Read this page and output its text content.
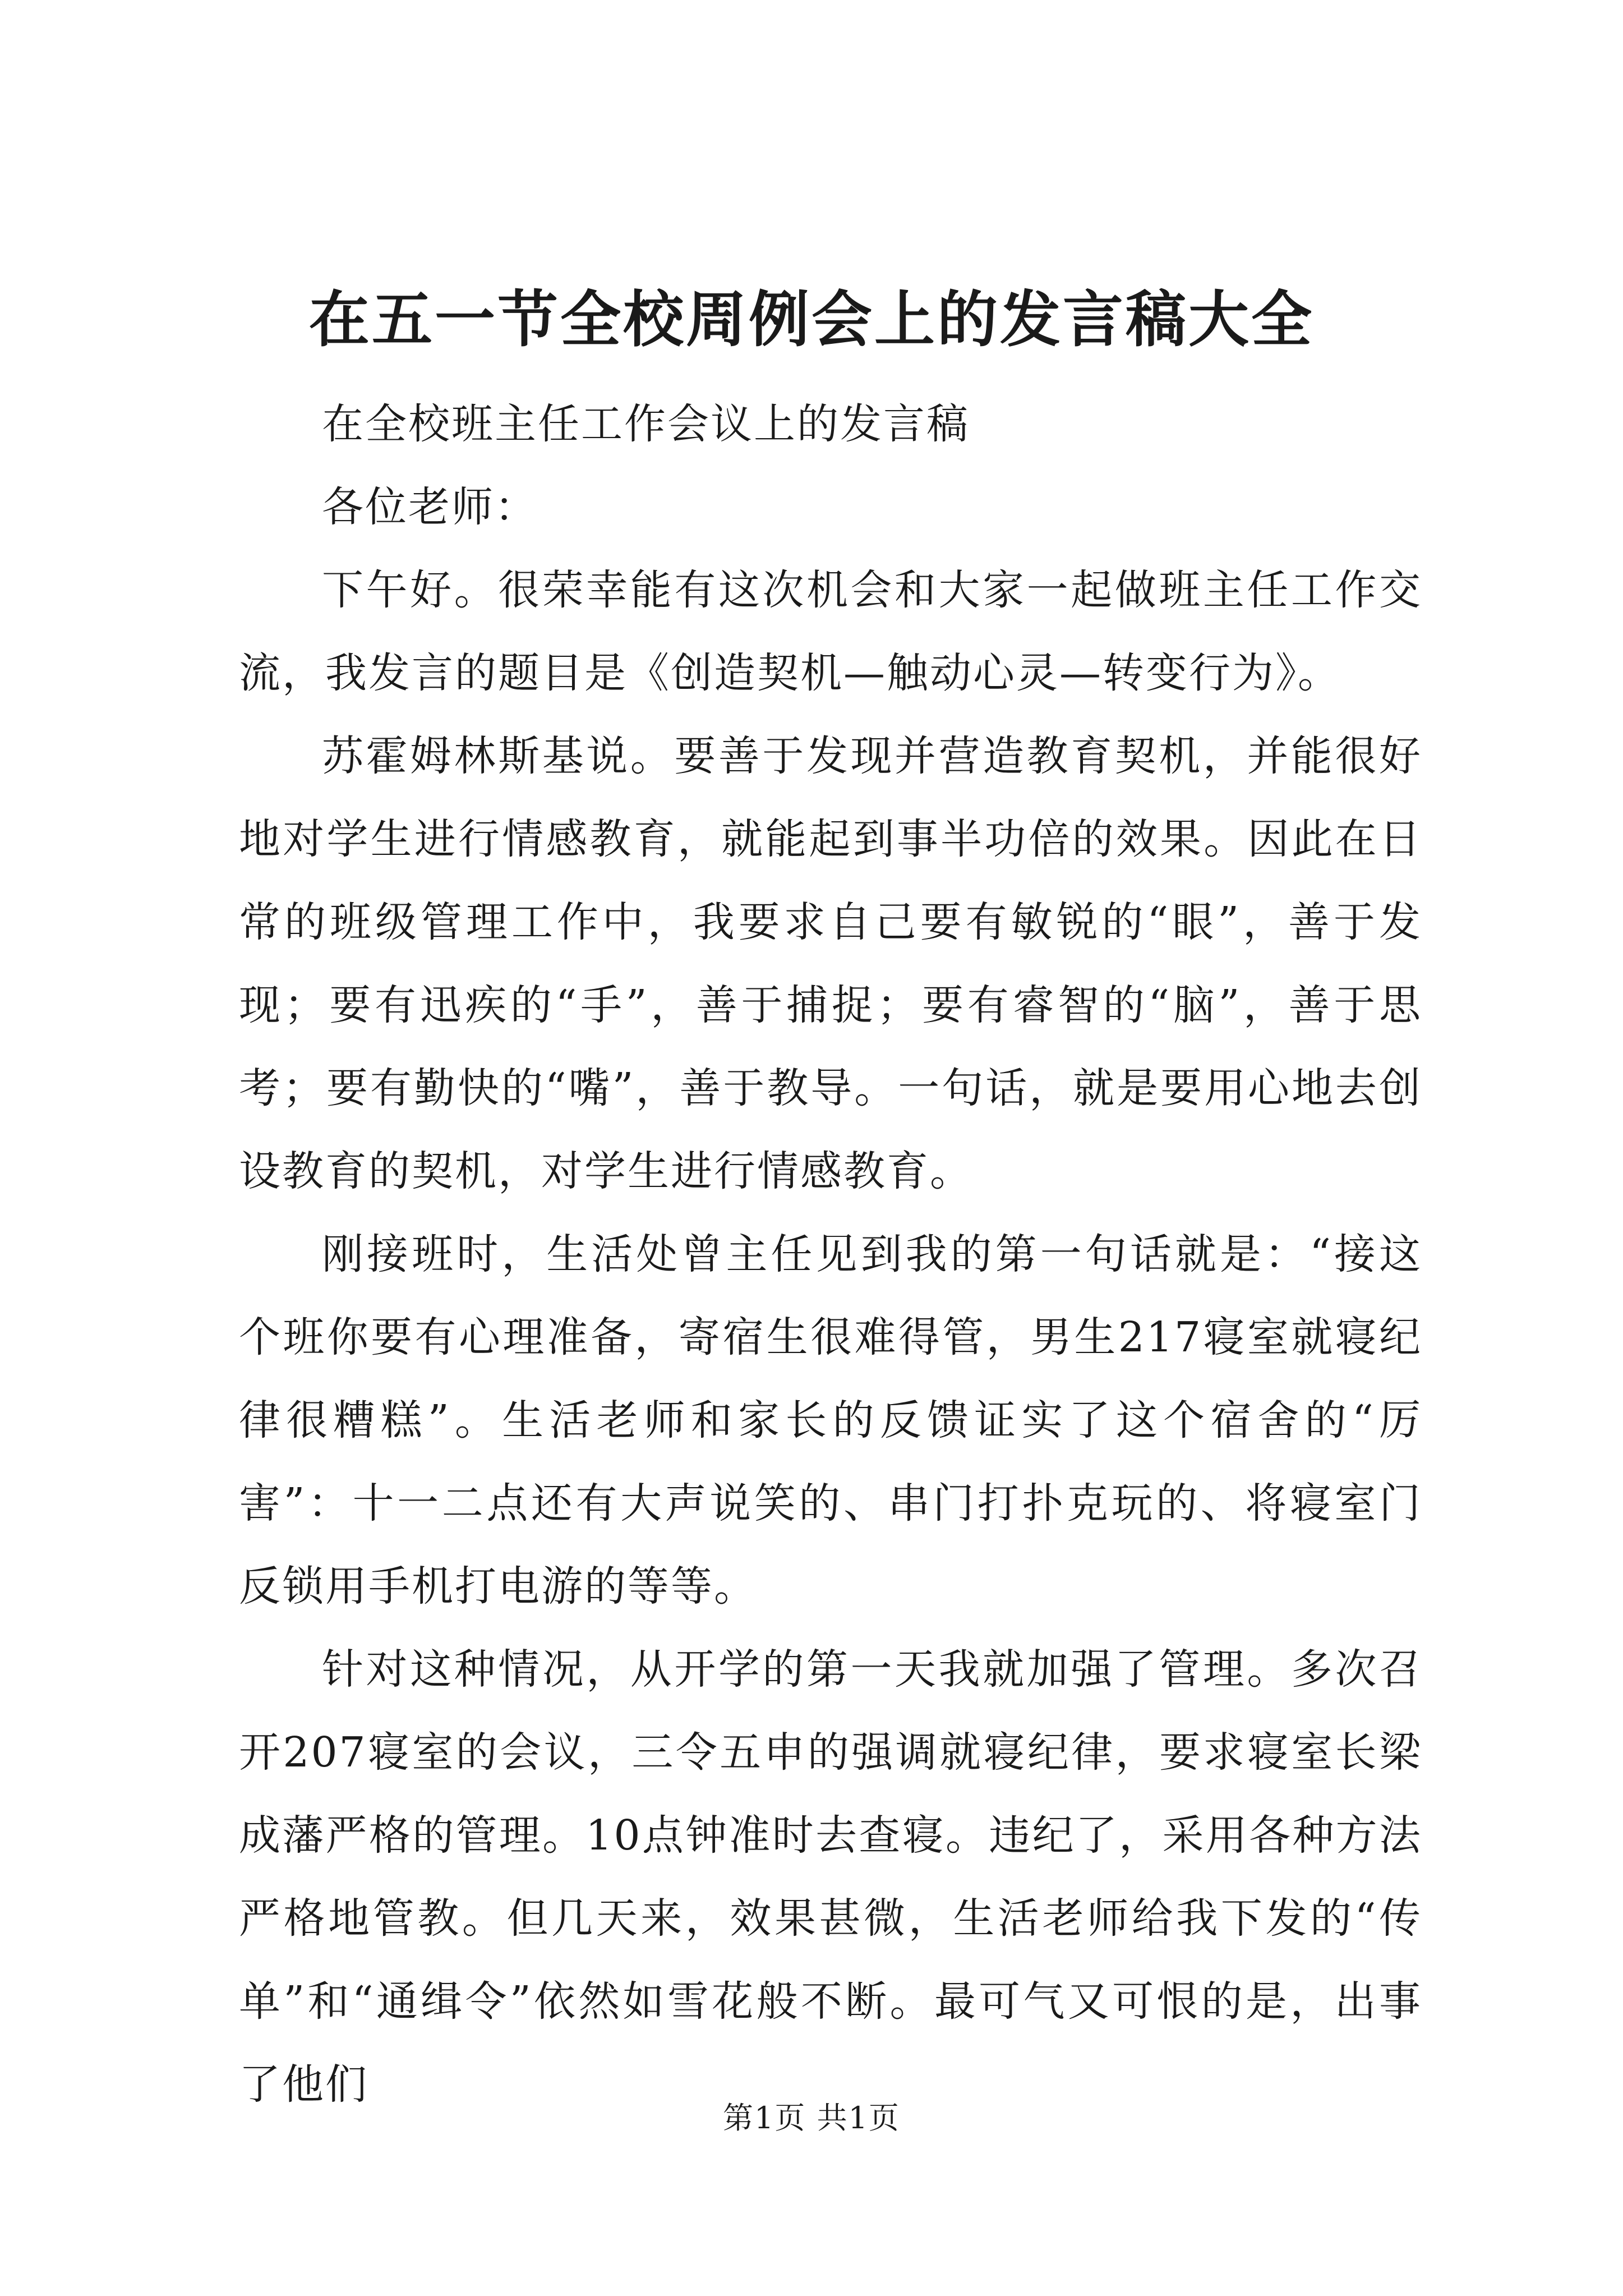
在五一节全校周例会上的发言稿大全

在全校班主任工作会议上的发言稿

各位老师：

下午好。很荣幸能有这次机会和大家一起做班主任工作交流，我发言的题目是《创造契机—触动心灵—转变行为》。

苏霍姆林斯基说。要善于发现并营造教育契机，并能很好地对学生进行情感教育，就能起到事半功倍的效果。因此在日常的班级管理工作中，我要求自己要有敏锐的“眼”，善于发现；要有迅疾的“手”，善于捕捉；要有睿智的“脑”，善于思考；要有勤快的“嘴”，善于教导。一句话，就是要用心地去创设教育的契机，对学生进行情感教育。

刚接班时，生活处曾主任见到我的第一句话就是：“接这个班你要有心理准备，寄宿生很难得管，男生217寝室就寝纪律很糟糕”。生活老师和家长的反馈证实了这个宿舍的“厉害”：十一二点还有大声说笑的、串门打扑克玩的、将寝室门反锁用手机打电游的等等。

针对这种情况，从开学的第一天我就加强了管理。多次召开207寝室的会议，三令五申的强调就寝纪律，要求寝室长梁成藩严格的管理。10点钟准时去查寝。违纪了，采用各种方法严格地管教。但几天来，效果甚微，生活老师给我下发的“传单”和“通缉令”依然如雪花般不断。最可气又可恨的是，出事了他们

第1页 共1页
